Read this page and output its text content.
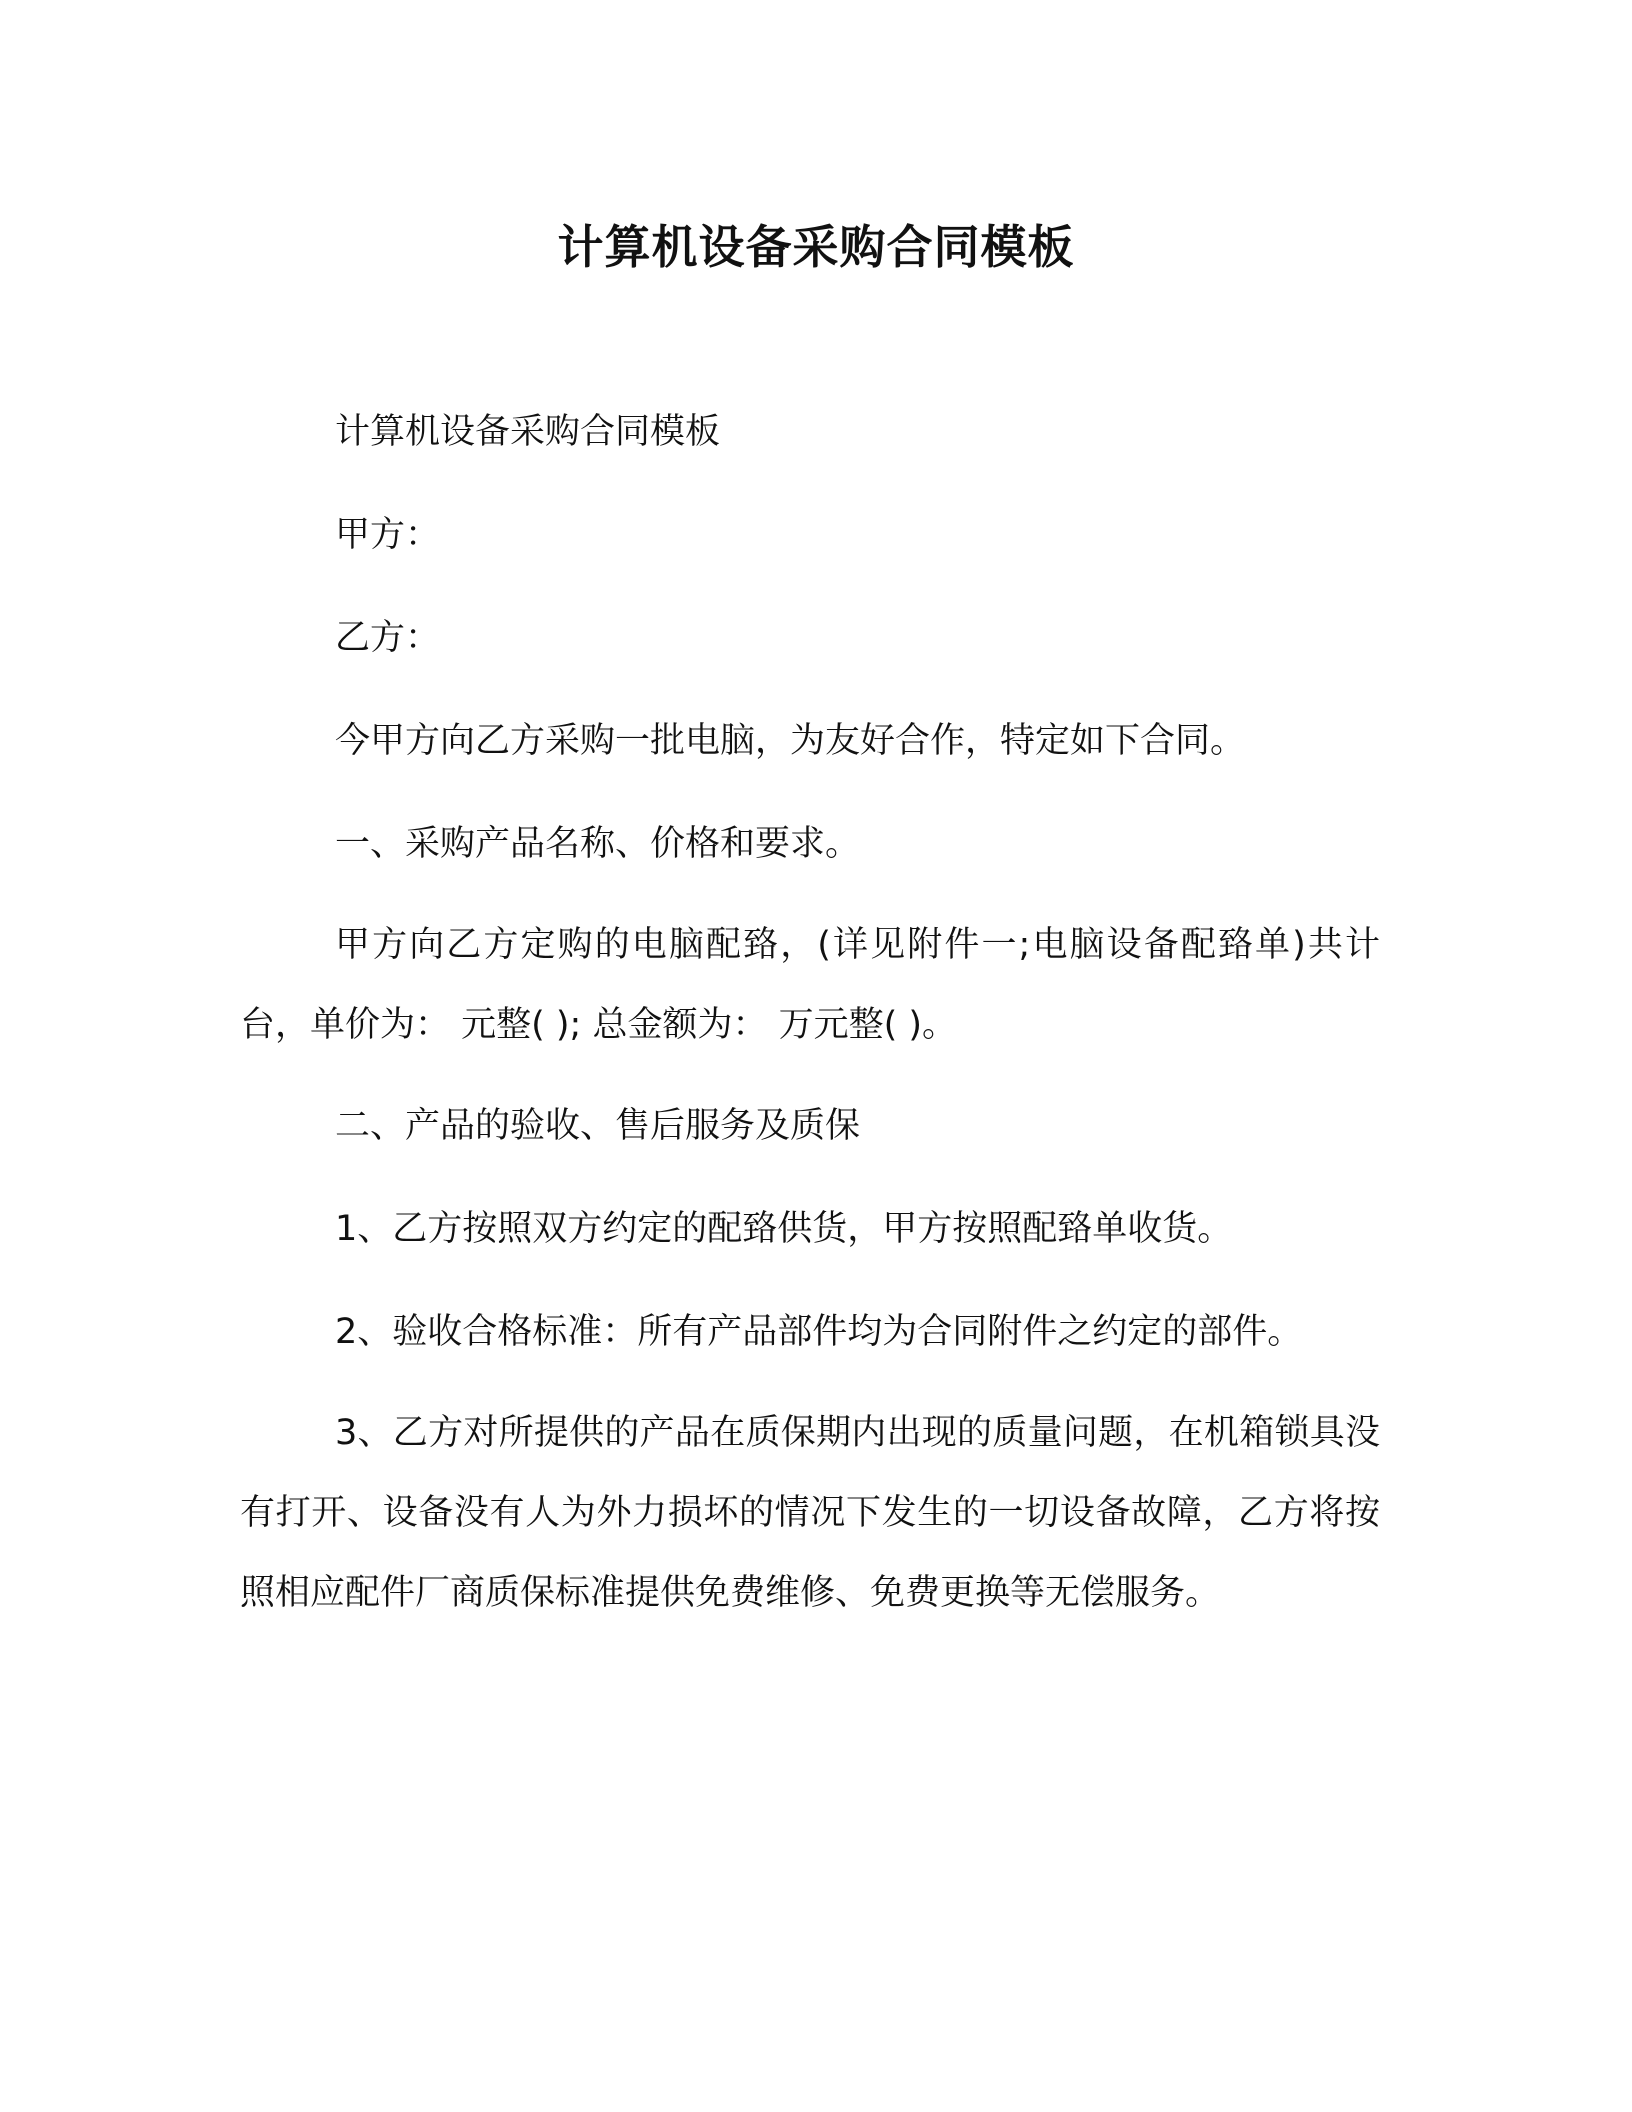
计算机设备采购合同模板

计算机设备采购合同模板

甲方：

乙方：

今甲方向乙方采购一批电脑，为友好合作，特定如下合同。

一、采购产品名称、价格和要求。

甲方向乙方定购的电脑配臵，(详见附件一;电脑设备配臵单)共计 台，单价为： 元整( ); 总金额为： 万元整( )。

二、产品的验收、售后服务及质保

1、乙方按照双方约定的配臵供货，甲方按照配臵单收货。

2、验收合格标准：所有产品部件均为合同附件之约定的部件。

3、乙方对所提供的产品在质保期内出现的质量问题，在机箱锁具没有打开、设备没有人为外力损坏的情况下发生的一切设备故障，乙方将按照相应配件厂商质保标准提供免费维修、免费更换等无偿服务。
